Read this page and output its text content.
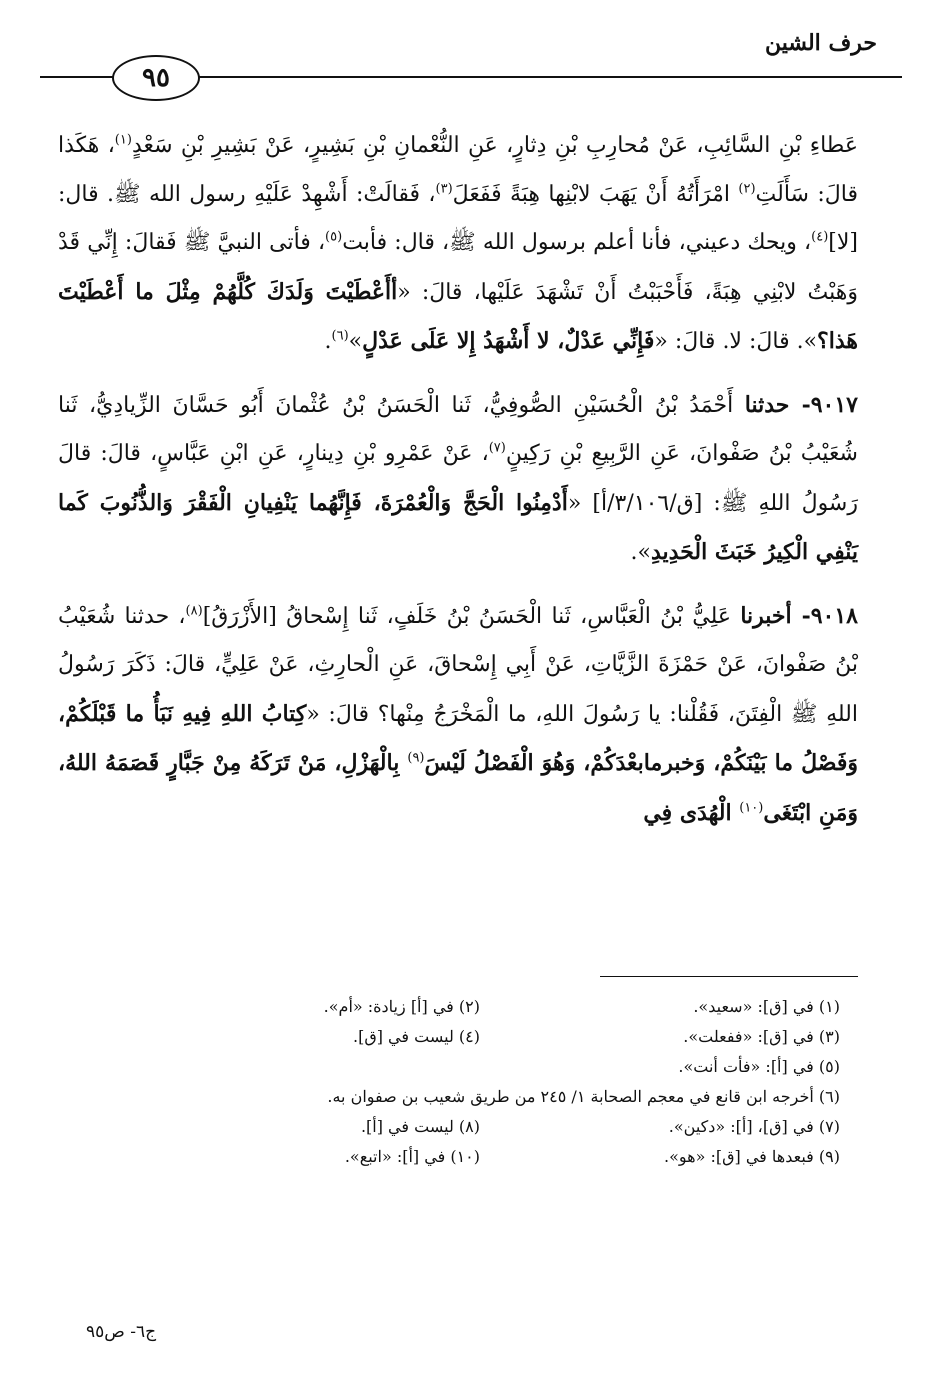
حرف الشين
٩٥

عَطاءِ بْنِ السَّائِبِ، عَنْ مُحارِبِ بْنِ دِثارٍ، عَنِ النُّعْمانِ بْنِ بَشِيرٍ، عَنْ بَشِيرِ بْنِ سَعْدٍ$^{(١)}$، هَكَذا قالَ: سَأَلَتِ$^{(٢)}$ امْرَأَتُهُ أَنْ يَهَبَ لابْنِها هِبَةً فَفَعَلَ$^{(٣)}$، فَقالَتْ: أَشْهِدْ عَلَيْهِ رسول الله ﷺ. قال: [لا]$^{(٤)}$، ويحك دعيني، فأنا أعلم برسول الله ﷺ، قال: فأبت$^{(٥)}$، فأتى النبيَّ ﷺ فَقالَ: إِنِّي قَدْ وَهَبْتُ لابْنِي هِبَةً، فَأَحْبَبْتُ أَنْ تَشْهَدَ عَلَيْها، قالَ: «أأَعْطَيْتَ وَلَدَكَ كُلَّهُمْ مِثْلَ ما أَعْطَيْتَ هَذا؟». قالَ: لا. قالَ: «فَإِنِّي عَدْلٌ، لا أَشْهَدُ إِلا عَلَى عَدْلٍ»$^{(٦)}$.

٩٠١٧- حدثنا أَحْمَدُ بْنُ الْحُسَيْنِ الصُّوفِيُّ، ثَنا الْحَسَنُ بْنُ عُثْمانَ أَبُو حَسَّانَ الزِّيادِيُّ، ثَنا شُعَيْبُ بْنُ صَفْوانَ، عَنِ الرَّبِيعِ بْنِ رَكِينٍ$^{(٧)}$، عَنْ عَمْرِو بْنِ دِينارٍ، عَنِ ابْنِ عَبَّاسٍ، قالَ: قالَ رَسُولُ اللهِ ﷺ: [ق/٣/١٠٦/أ] «أَدْمِنُوا الْحَجَّ وَالْعُمْرَةَ، فَإِنَّهُما يَنْفِيانِ الْفَقْرَ وَالذُّنُوبَ كَما يَنْفِي الْكِيرُ خَبَثَ الْحَدِيدِ».

٩٠١٨- أخبرنا عَلِيُّ بْنُ الْعَبَّاسِ، ثَنا الْحَسَنُ بْنُ خَلَفٍ، ثَنا إِسْحاقُ [الأَزْرَقُ]$^{(٨)}$، حدثنا شُعَيْبُ بْنُ صَفْوانَ، عَنْ حَمْزَةَ الزَّيَّاتِ، عَنْ أَبِي إِسْحاقَ، عَنِ الْحارِثِ، عَنْ عَلِيٍّ، قالَ: ذَكَرَ رَسُولُ اللهِ ﷺ الْفِتَنَ، فَقُلْنا: يا رَسُولَ اللهِ، ما الْمَخْرَجُ مِنْها؟ قالَ: «كِتابُ اللهِ فِيهِ نَبَأُ ما قَبْلَكُمْ، وَفَصْلُ ما بَيْنَكُمْ، وَخبرمابعْدَكُمْ، وَهُوَ الْفَصْلُ لَيْسَ$^{(٩)}$ بِالْهَزْلِ، مَنْ تَرَكَهُ مِنْ جَبَّارٍ قَصَمَهُ اللهُ، وَمَنِ ابْتَغَى$^{(١٠)}$ الْهُدَى فِي

(١) في [ق]: «سعيد».
(٢) في [أ] زيادة: «أم».
(٣) في [ق]: «ففعلت».
(٤) ليست في [ق].
(٥) في [أ]: «فأت أنت».
(٦) أخرجه ابن قانع في معجم الصحابة ١/ ٢٤٥ من طريق شعيب بن صفوان به.
(٧) في [ق]، [أ]: «دكين».
(٨) ليست في [أ].
(٩) فبعدها في [ق]: «هو».
(١٠) في [أ]: «اتبع».
ج٦- ص٩٥
